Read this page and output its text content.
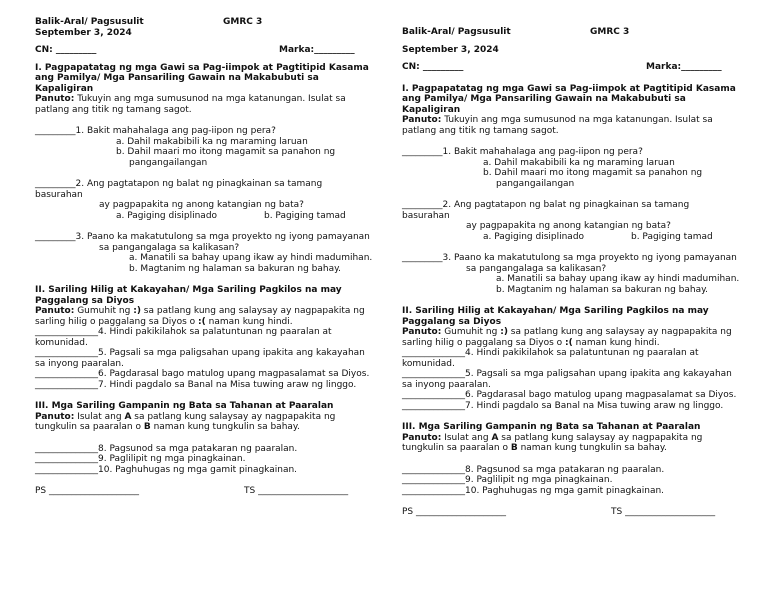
Balik-Aral/ Pagsusulit	GMRC 3
September 3, 2024
CN: _________	Marka:_________
I. Pagpapatatag ng mga Gawi sa Pag-iimpok at Pagtitipid Kasama
ang Pamilya/ Mga Pansariling Gawain na Makabubuti sa
Kapaligiran
Panuto: Tukuyin ang mga sumusunod na mga katanungan. Isulat sa
patlang ang titik ng tamang sagot.
_________1. Bakit mahahalaga ang pag-iipon ng pera?
a. Dahil makabibili ka ng maraming laruan
b. Dahil maari mo itong magamit sa panahon ng
pangangailangan
_________2. Ang pagtatapon ng balat ng pinagkainan sa tamang
basurahan
ay pagpapakita ng anong katangian ng bata?
a. Pagiging disiplinado	b. Pagiging tamad
_________3. Paano ka makatutulong sa mga proyekto ng iyong pamayanan
sa pangangalaga sa kalikasan?
a. Manatili sa bahay upang ikaw ay hindi madumihan.
b. Magtanim ng halaman sa bakuran ng bahay.
II. Sariling Hilig at Kakayahan/ Mga Sariling Pagkilos na may
Paggalang sa Diyos
Panuto: Gumuhit ng :) sa patlang kung ang salaysay ay nagpapakita ng
sarling hilig o paggalang sa Diyos o :( naman kung hindi.
______________4. Hindi pakikilahok sa palatuntunan ng paaralan at
komunidad.
______________5. Pagsali sa mga paligsahan upang ipakita ang kakayahan
sa inyong paaralan.
______________6. Pagdarasal bago matulog upang magpasalamat sa Diyos.
______________7. Hindi pagdalo sa Banal na Misa tuwing araw ng linggo.
III. Mga Sariling Gampanin ng Bata sa Tahanan at Paaralan
Panuto: Isulat ang A sa patlang kung salaysay ay nagpapakita ng
tungkulin sa paaralan o B naman kung tungkulin sa bahay.
______________8. Pagsunod sa mga patakaran ng paaralan.
______________9. Paglilipit ng mga pinagkainan.
______________10. Paghuhugas ng mga gamit pinagkainan.
PS ____________________	TS ____________________
Balik-Aral/ Pagsusulit	GMRC 3
September 3, 2024
CN: _________	Marka:_________
I. Pagpapatatag ng mga Gawi sa Pag-iimpok at Pagtitipid Kasama
ang Pamilya/ Mga Pansariling Gawain na Makabubuti sa
Kapaligiran
Panuto: Tukuyin ang mga sumusunod na mga katanungan. Isulat sa
patlang ang titik ng tamang sagot.
_________1. Bakit mahahalaga ang pag-iipon ng pera?
a. Dahil makabibili ka ng maraming laruan
b. Dahil maari mo itong magamit sa panahon ng
pangangailangan
_________2. Ang pagtatapon ng balat ng pinagkainan sa tamang
basurahan
ay pagpapakita ng anong katangian ng bata?
a. Pagiging disiplinado	b. Pagiging tamad
_________3. Paano ka makatutulong sa mga proyekto ng iyong pamayanan
sa pangangalaga sa kalikasan?
a. Manatili sa bahay upang ikaw ay hindi madumihan.
b. Magtanim ng halaman sa bakuran ng bahay.
II. Sariling Hilig at Kakayahan/ Mga Sariling Pagkilos na may
Paggalang sa Diyos
Panuto: Gumuhit ng :) sa patlang kung ang salaysay ay nagpapakita ng
sarling hilig o paggalang sa Diyos o :( naman kung hindi.
______________4. Hindi pakikilahok sa palatuntunan ng paaralan at
komunidad.
______________5. Pagsali sa mga paligsahan upang ipakita ang kakayahan
sa inyong paaralan.
______________6. Pagdarasal bago matulog upang magpasalamat sa Diyos.
______________7. Hindi pagdalo sa Banal na Misa tuwing araw ng linggo.
III. Mga Sariling Gampanin ng Bata sa Tahanan at Paaralan
Panuto: Isulat ang A sa patlang kung salaysay ay nagpapakita ng
tungkulin sa paaralan o B naman kung tungkulin sa bahay.
______________8. Pagsunod sa mga patakaran ng paaralan.
______________9. Paglilipit ng mga pinagkainan.
______________10. Paghuhugas ng mga gamit pinagkainan.
PS ____________________	TS ____________________
